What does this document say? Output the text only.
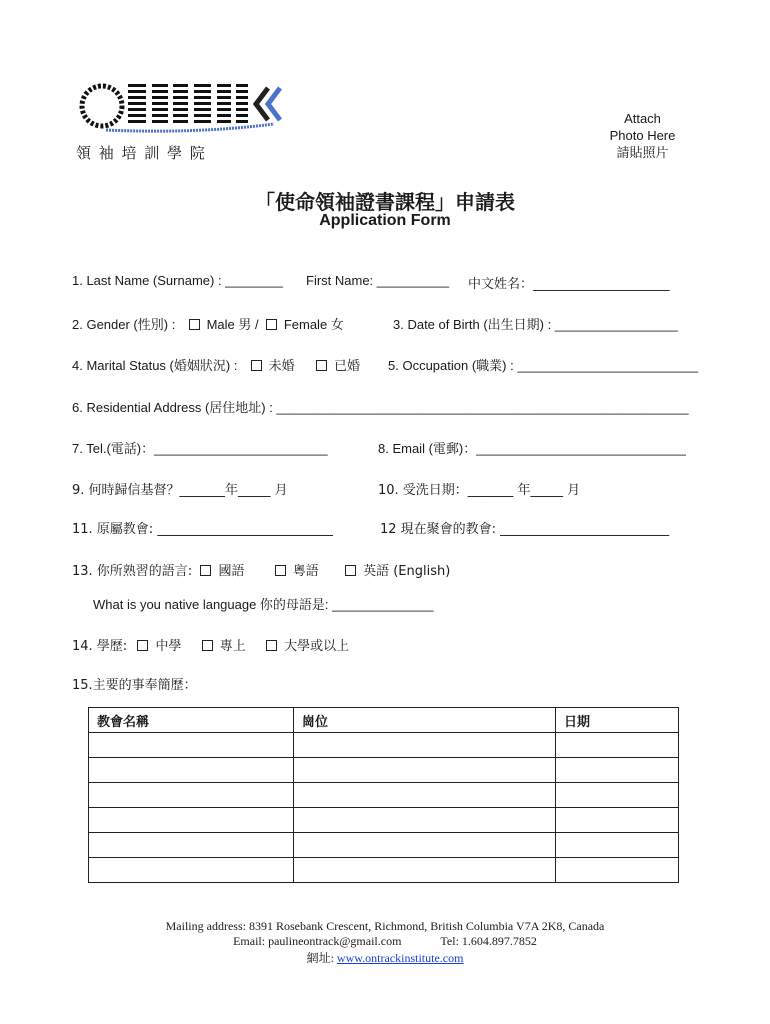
領 袖 培 訓 學 院
Attach
Photo Here
請貼照片
「使命領袖證書課程」申請表
Application Form
1. Last Name (Surname) : ________ First Name: __________ 中文姓名：_____________________
2. Gender (性別) : Male 男 / Female 女	3. Date of Birth (出生日期) : _________________
4. Marital Status (婚姻狀況) : 未婚	已婚 5. Occupation (職業) : _________________________
6. Residential Address (居住地址) : _________________________________________________________
7. Tel.(電話)：________________________	8. Email (電郵)：_____________________________
9. 何時歸信基督？_______年_____ 月	10. 受洗日期：_______ 年_____ 月
11. 原屬教會: ___________________________	12 現在聚會的教會: __________________________
13. 你所熟習的語言: 國語	粵語	英語 (English)
What is you native language 你的母語是: ______________
14. 學歷: 中學	專上	大學或以上
15.主要的事奉簡歷：
教會名稱	崗位	日期

Mailing address: 8391 Rosebank Crescent, Richmond, British Columbia V7A 2K8, Canada
Email: paulineontrack@gmail.com	Tel: 1.604.897.7852
網址: www.ontrackinstitute.com
